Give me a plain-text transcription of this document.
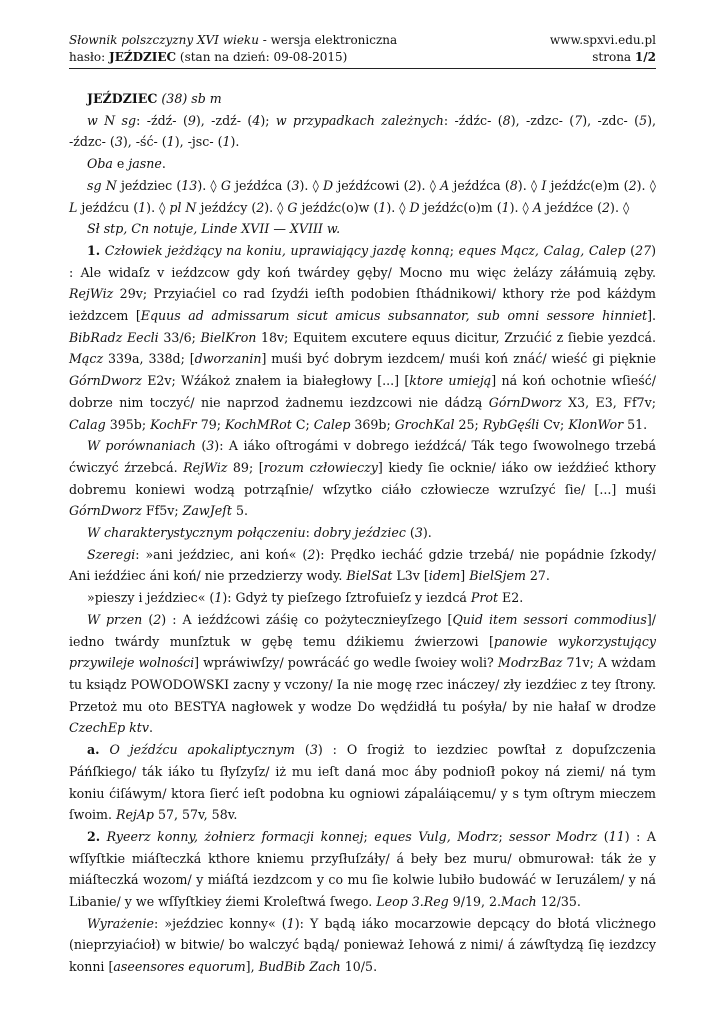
Słownik polszczyzny XVI wieku - wersja elektroniczna
hasło: JEŹDZIEC (stan na dzień: 09-08-2015)
www.spxvi.edu.pl
strona 1/2

JEŹDZIEC (38) sb m

w N sg: -źdź- (9), -zdź- (4); w przypadkach zależnych: -źdźc- (8), -zdzc- (7), -zdc- (5), -źdzc- (3), -ść- (1), -jsc- (1).

Oba e jasne.

sg N jeździec (13). ◊ G jeźdźca (3). ◊ D jeźdźcowi (2). ◊ A jeźdźca (8). ◊ I jeźdźc(e)m (2). ◊ L jeźdźcu (1). ◊ pl N jeźdźcy (2). ◊ G jeźdźc(o)w (1). ◊ D jeźdźc(o)m (1). ◊ A jeźdźce (2). ◊

Sł stp, Cn notuje, Linde XVII — XVIII w.

1. Człowiek jeżdżący na koniu, uprawiający jazdę konną; eques Mącz, Calag, Calep (27) : Ale widaſz v ieźdzcow gdy koń twárdey gęby/ Mocno mu więc żelázy záłámuią zęby. RejWiz 29v; Przyiaćiel co rad ſzydźi ieſth podobien ſthádnikowi/ kthory rże pod káżdym ieżdzcem [Equus ad admissarum sicut amicus subsannator, sub omni sessore hinniet]. BibRadz Eecli 33/6; BielKron 18v; Equitem excutere equus dicitur, Zrzućić z ſiebie yezdcá. Mącz 339a, 338d; [dworzanin] muśi być dobrym iezdcem/ muśi koń znáć/ wieść gi pięknie GórnDworz E2v; Wźákoż znałem ia białegłowy [...] [ktore umieją] ná koń ochotnie wſieść/ dobrze nim toczyć/ nie naprzod żadnemu iezdzcowi nie dádzą GórnDworz X3, E3, Ff7v; Calag 395b; KochFr 79; KochMRot C; Calep 369b; GrochKal 25; RybGęśli Cv; KlonWor 51.

W porównaniach (3): A iáko oſtrogámi v dobrego ieźdźcá/ Ták tego ſwowolnego trzebá ćwiczyć źrzebcá. RejWiz 89; [rozum człowieczy] kiedy ſie ocknie/ iáko ow ieźdźieć kthory dobremu koniewi wodzą potrząſnie/ wſzytko ciáło człowiecze wzruſzyć ſie/ [...] muśi GórnDworz Ff5v; ZawJeſt 5.

W charakterystycznym połączeniu: dobry jeździec (3).

Szeregi: »ani jeździec, ani koń« (2): Prędko iecháć gdzie trzebá/ nie popádnie ſzkody/ Ani ieźdźiec áni koń/ nie przedzierzy wody. BielSat L3v [idem] BielSjem 27.

»pieszy i jeździec« (1): Gdyż ty pieſzego ſztrofuieſz y iezdcá Prot E2.

W przen (2) : A ieźdźcowi záśię co pożytecznieyſzego [Quid item sessori commodius]/ iedno twárdy munſztuk w gębę temu dźikiemu źwierzowi [panowie wykorzystujący przywileje wolności] wpráwiwſzy/ powrácáć go wedle ſwoiey woli? ModrzBaz 71v; A wżdam tu ksiądz POWODOWSKI zacny y vczony/ Ia nie mogę rzec ináczey/ zły iezdźiec z tey ſtrony. Przetoż mu oto BESTYA nagłowek y wodze Do wędźidłá tu pośyła/ by nie hałaſ w drodze CzechEp ktv.

a. O jeźdźcu apokaliptycznym (3) : O ſrogiż to iezdziec powſtał z dopuſzczenia Páńſkiego/ ták iáko tu ſłyſzyſz/ iż mu ieſt daná moc áby podnioſł pokoy ná ziemi/ ná tym koniu ćiſáwym/ ktora ſierć ieſt podobna ku ogniowi zápaláiącemu/ y s tym oſtrym mieczem ſwoim. RejAp 57, 57v, 58v.

2. Ryeerz konny, żołnierz formacji konnej; eques Vulg, Modrz; sessor Modrz (11) : A wſſyſtkie miáſteczká kthore kniemu przyſłuſzáły/ á beły bez muru/ obmurował: ták że y miáſteczká wozom/ y miáſtá iezdzcom y co mu ſie kolwie lubiło budowáć w Ieruzálem/ y ná Libanie/ y we wſſyſtkiey źiemi Kroleſtwá ſwego. Leop 3.Reg 9/19, 2.Mach 12/35.

Wyrażenie: »jeździec konny« (1): Y bądą iáko mocarzowie depcący do błotá vlicżnego (nieprzyiaćioł) w bitwie/ bo walczyć bądą/ ponieważ Iehowá z nimi/ á záwſtydzą ſię iezdzcy konni [aseensores equorum], BudBib Zach 10/5.
